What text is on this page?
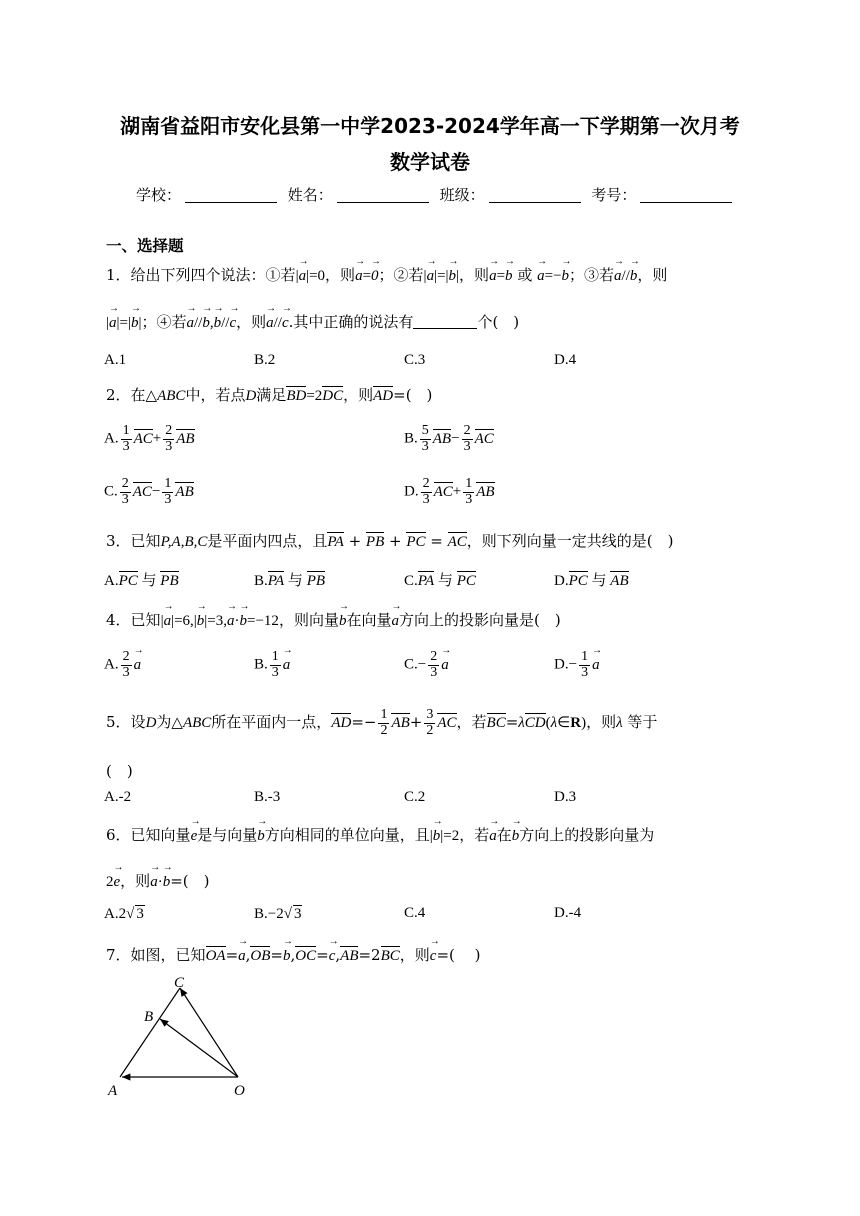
湖南省益阳市安化县第一中学2023-2024学年高一下学期第一次月考
数学试卷
学校：	姓名：	班级：	考号：
一、选择题
1．给出下列四个说法：①若|→ a|=0，则→ a=→ 0；②若|→ a|=|→ b|，则→ a=→ b 或 → a=−→ b；③若→ a//→ b，则
|→ a|=|→ b|；④若→ a//→ b,→ b//→ c，则→ a//→ c.其中正确的说法有	个(　)
A.1	B.2	C.3	D.4
2．在△ABC中，若点D满足BD=2DC，则AD=(　)
A. $\frac{1}{3} AC+ \frac{2}{3}$ AB	B. $\frac{5}{3} AB- \frac{2}{3}$ AC
C. $\frac{2}{3} AC- \frac{1}{3}$ AB	D. $\frac{2}{3} AC+ \frac{1}{3}$ AB
3．已知P,A,B,C是平面内四点，且PA + PB + PC = AC，则下列向量一定共线的是(　)
A.PC 与 PB	B.PA 与 PB	C.PA 与 PC	D.PC 与 AB
4．已知|→ a|=6,|→ b|=3,→ a·→ b=−12，则向量→ b在向量→ a方向上的投影向量是(　)
A. $\frac{2}{3}$
→ a	B. $\frac{1}{3}$
→ a	$C.- \frac{2}{3}$
→ a	$D.- \frac{1}{3}$
→ a
5．设D为△ABC所在平面内一点，$AD=- \frac{1}{2} AB+ \frac{3}{2}$ AC，若BC=λCD(λ∈R)，则λ 等于
(　)
A.-2	B.-3	C.2	D.3
6．已知向量→ e是与向量→ b方向相同的单位向量，且|→ b|=2，若→ a在→ b方向上的投影向量为
2→ e，则→ a·→ b=(　)
A.2√ 3	B.−2√ 3	C.4	D.-4
7．如图，已知OA=→ a,OB=→ b,OC=→ c,AB=2BC，则→ c=(　 )
C
B
A	O
